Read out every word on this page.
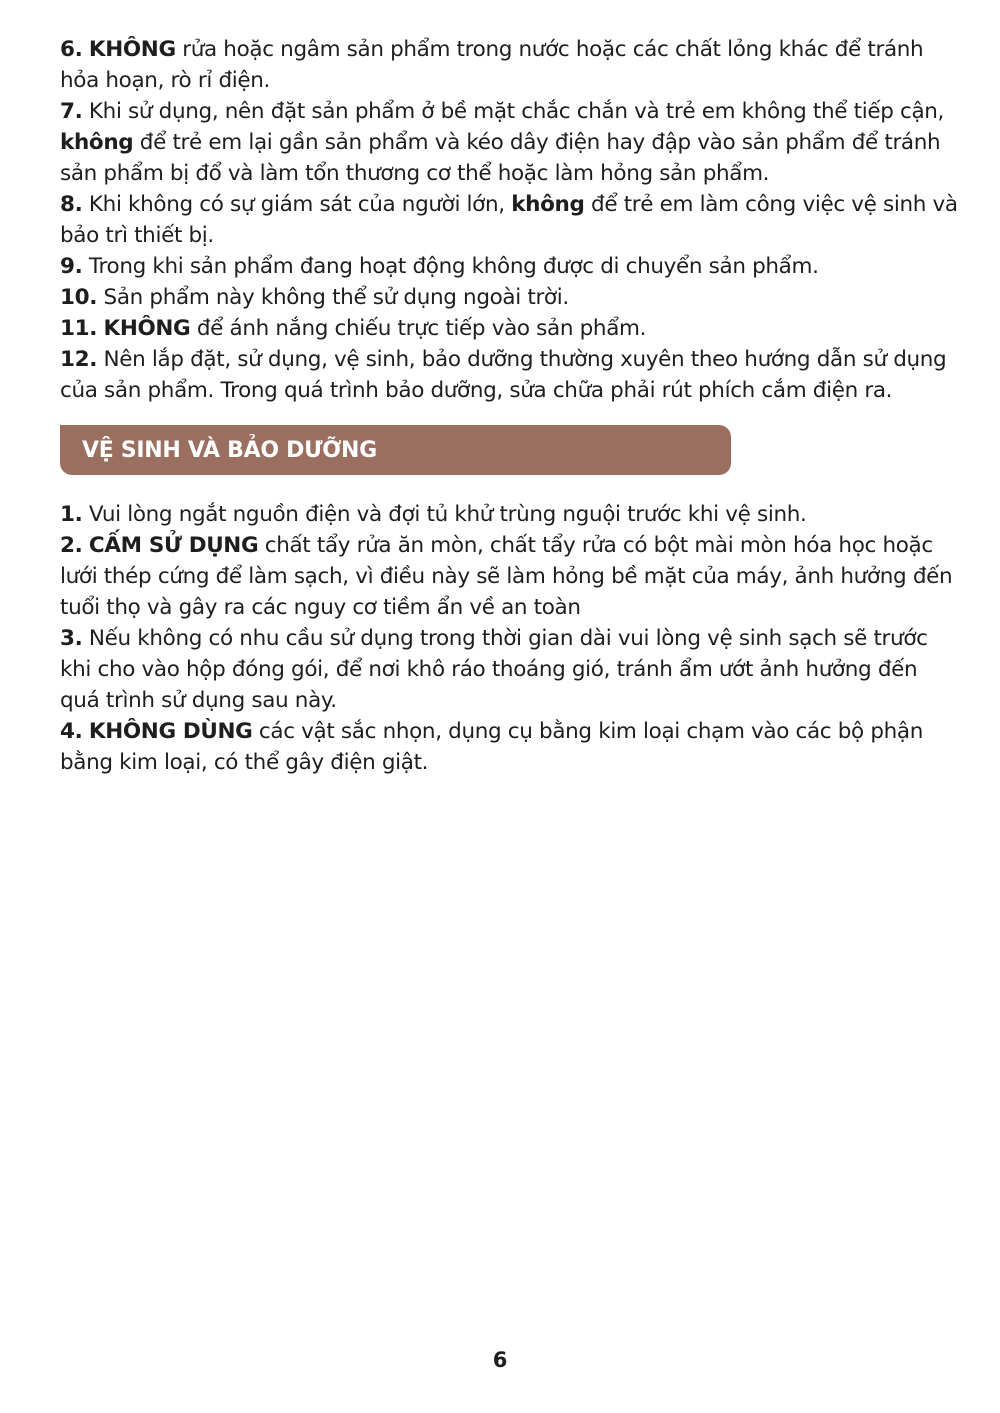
6. KHÔNG rửa hoặc ngâm sản phẩm trong nước hoặc các chất lỏng khác để tránh hỏa hoạn, rò rỉ điện.

7. Khi sử dụng, nên đặt sản phẩm ở bề mặt chắc chắn và trẻ em không thể tiếp cận, không để trẻ em lại gần sản phẩm và kéo dây điện hay đập vào sản phẩm để tránh sản phẩm bị đổ và làm tổn thương cơ thể hoặc làm hỏng sản phẩm.

8. Khi không có sự giám sát của người lớn, không để trẻ em làm công việc vệ sinh và bảo trì thiết bị.

9. Trong khi sản phẩm đang hoạt động không được di chuyển sản phẩm.

10. Sản phẩm này không thể sử dụng ngoài trời.

11. KHÔNG để ánh nắng chiếu trực tiếp vào sản phẩm.

12. Nên lắp đặt, sử dụng, vệ sinh, bảo dưỡng thường xuyên theo hướng dẫn sử dụng của sản phẩm. Trong quá trình bảo dưỡng, sửa chữa phải rút phích cắm điện ra.

VỆ SINH VÀ BẢO DƯỠNG

1. Vui lòng ngắt nguồn điện và đợi tủ khử trùng nguội trước khi vệ sinh.

2. CẤM SỬ DỤNG chất tẩy rửa ăn mòn, chất tẩy rửa có bột mài mòn hóa học hoặc lưới thép cứng để làm sạch, vì điều này sẽ làm hỏng bề mặt của máy, ảnh hưởng đến tuổi thọ và gây ra các nguy cơ tiềm ẩn về an toàn

3. Nếu không có nhu cầu sử dụng trong thời gian dài vui lòng vệ sinh sạch sẽ trước khi cho vào hộp đóng gói, để nơi khô ráo thoáng gió, tránh ẩm ướt ảnh hưởng đến quá trình sử dụng sau này.

4. KHÔNG DÙNG các vật sắc nhọn, dụng cụ bằng kim loại chạm vào các bộ phận bằng kim loại, có thể gây điện giật.

6
